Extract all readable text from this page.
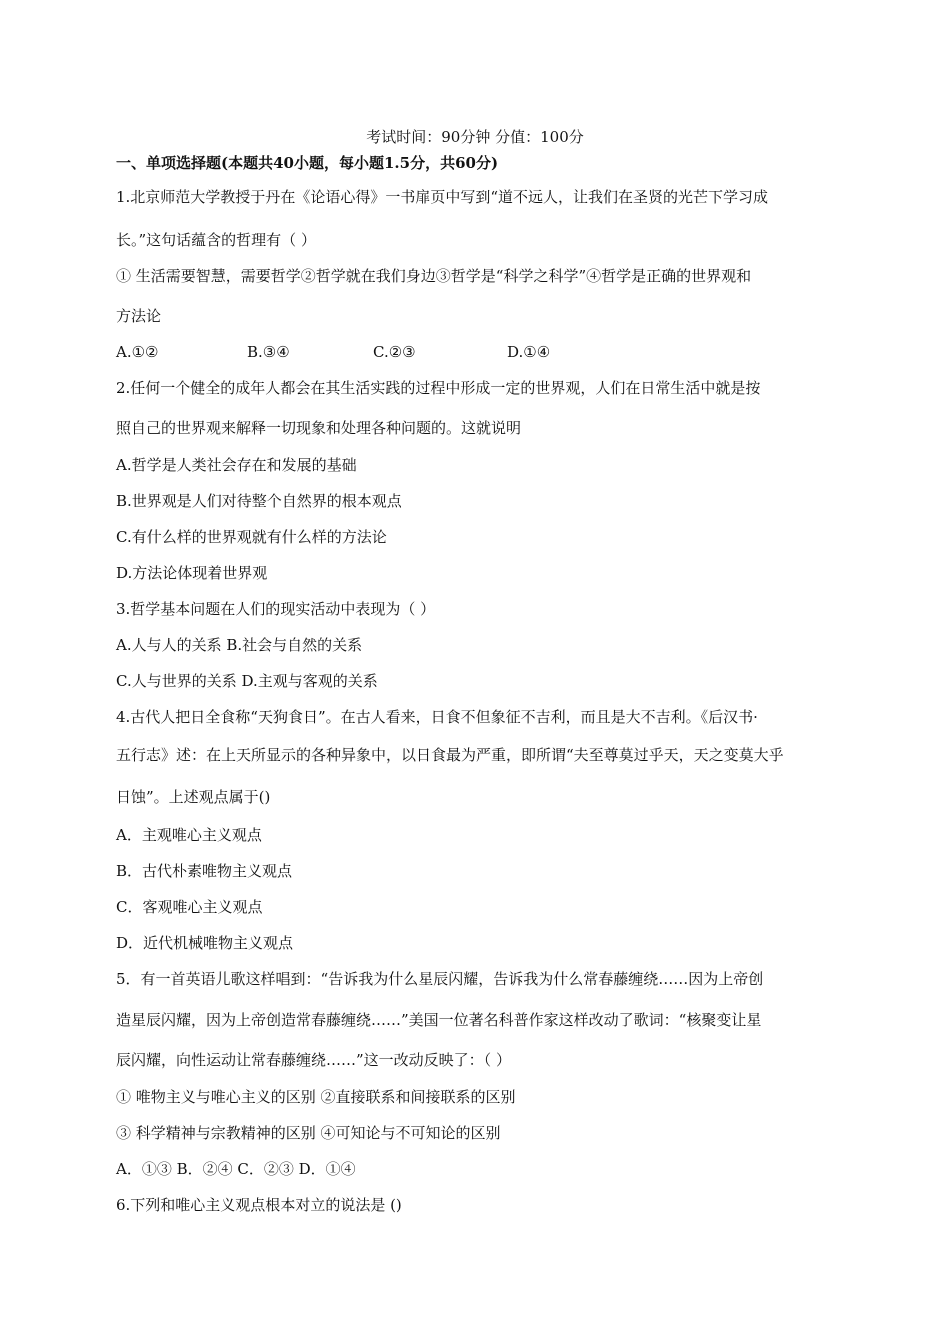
考试时间：90分钟 分值：100分
一、单项选择题(本题共40小题，每小题1.5分，共60分)
1.北京师范大学教授于丹在《论语心得》一书扉页中写到“道不远人，让我们在圣贤的光芒下学习成
长。”这句话蕴含的哲理有（ ）
① 生活需要智慧，需要哲学②哲学就在我们身边③哲学是“科学之科学”④哲学是正确的世界观和
方法论
A.①②	B.③④	C.②③	D.①④
2.任何一个健全的成年人都会在其生活实践的过程中形成一定的世界观，人们在日常生活中就是按
照自己的世界观来解释一切现象和处理各种问题的。这就说明
A.哲学是人类社会存在和发展的基础
B.世界观是人们对待整个自然界的根本观点
C.有什么样的世界观就有什么样的方法论
D.方法论体现着世界观
3.哲学基本问题在人们的现实活动中表现为（ ）
A.人与人的关系 B.社会与自然的关系
C.人与世界的关系 D.主观与客观的关系
4.古代人把日全食称“天狗食日”。在古人看来，日食不但象征不吉利，而且是大不吉利。《后汉书·
五行志》述：在上天所显示的各种异象中，以日食最为严重，即所谓“夫至尊莫过乎天，天之变莫大乎
日蚀”。上述观点属于()
A．主观唯心主义观点
B．古代朴素唯物主义观点
C．客观唯心主义观点
D．近代机械唯物主义观点
5．有一首英语儿歌这样唱到：“告诉我为什么星辰闪耀，告诉我为什么常春藤缠绕……因为上帝创
造星辰闪耀，因为上帝创造常春藤缠绕……”美国一位著名科普作家这样改动了歌词：“核聚变让星
辰闪耀，向性运动让常春藤缠绕……”这一改动反映了：（ ）
① 唯物主义与唯心主义的区别 ②直接联系和间接联系的区别
③ 科学精神与宗教精神的区别 ④可知论与不可知论的区别
A．①③ B．②④ C．②③ D．①④
6.下列和唯心主义观点根本对立的说法是 ()
